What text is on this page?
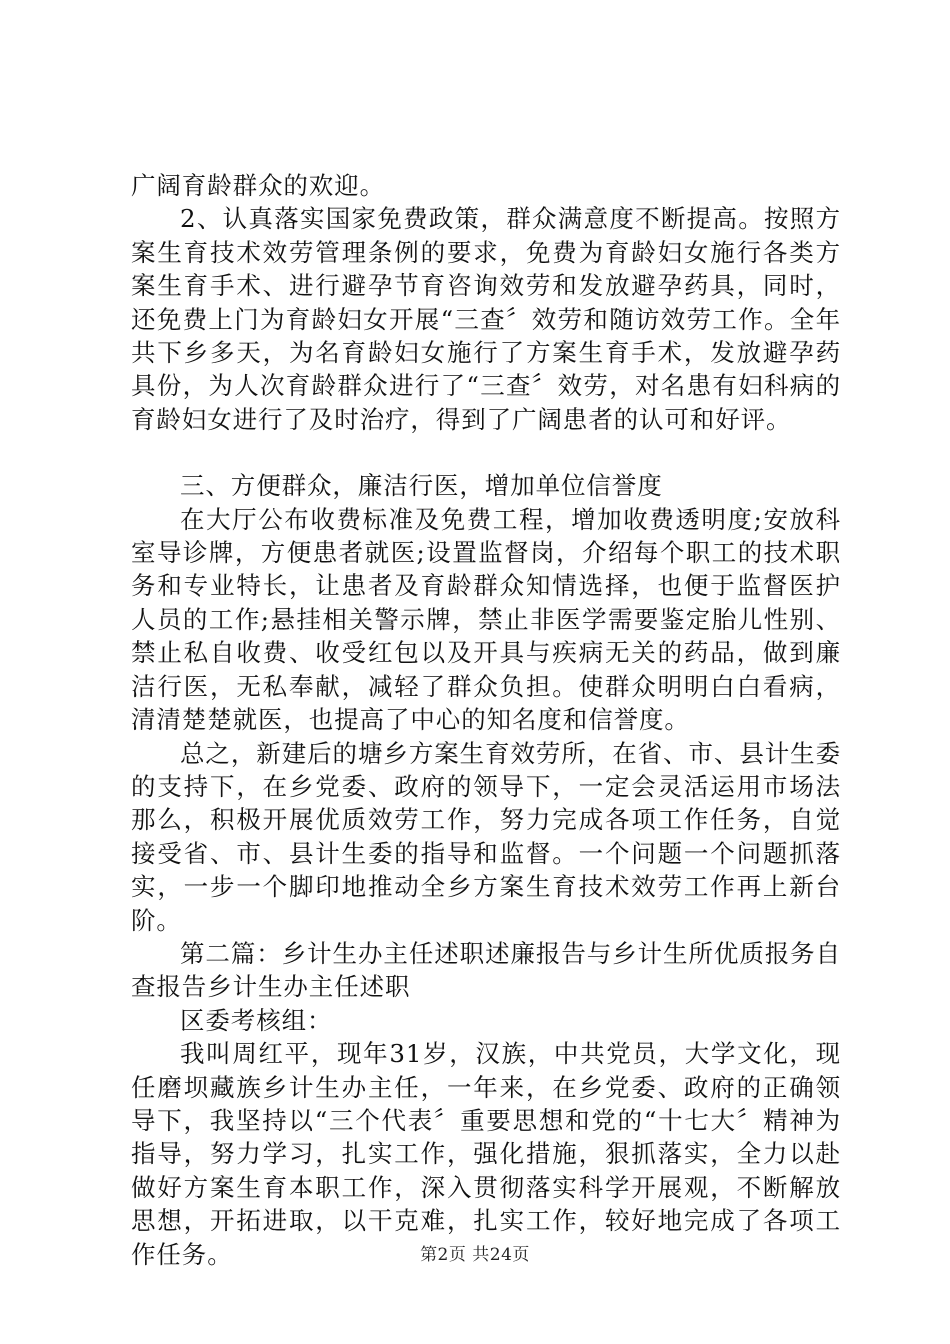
广阔育龄群众的欢迎。

2、认真落实国家免费政策，群众满意度不断提高。按照方案生育技术效劳管理条例的要求，免费为育龄妇女施行各类方案生育手术、进行避孕节育咨询效劳和发放避孕药具，同时，还免费上门为育龄妇女开展“三查〞效劳和随访效劳工作。全年共下乡多天，为名育龄妇女施行了方案生育手术，发放避孕药具份，为人次育龄群众进行了“三查〞效劳，对名患有妇科病的育龄妇女进行了及时治疗，得到了广阔患者的认可和好评。

三、方便群众，廉洁行医，增加单位信誉度

在大厅公布收费标准及免费工程，增加收费透明度;安放科室导诊牌，方便患者就医;设置监督岗，介绍每个职工的技术职务和专业特长，让患者及育龄群众知情选择，也便于监督医护人员的工作;悬挂相关警示牌，禁止非医学需要鉴定胎儿性别、禁止私自收费、收受红包以及开具与疾病无关的药品，做到廉洁行医，无私奉献，减轻了群众负担。使群众明明白白看病，清清楚楚就医，也提高了中心的知名度和信誉度。

总之，新建后的塘乡方案生育效劳所，在省、市、县计生委的支持下，在乡党委、政府的领导下，一定会灵活运用市场法那么，积极开展优质效劳工作，努力完成各项工作任务，自觉接受省、市、县计生委的指导和监督。一个问题一个问题抓落实，一步一个脚印地推动全乡方案生育技术效劳工作再上新台阶。

第二篇：乡计生办主任述职述廉报告与乡计生所优质报务自查报告乡计生办主任述职

区委考核组：

我叫周红平，现年31岁，汉族，中共党员，大学文化，现任磨坝藏族乡计生办主任，一年来，在乡党委、政府的正确领导下，我坚持以“三个代表〞重要思想和党的“十七大〞精神为指导，努力学习，扎实工作，强化措施，狠抓落实，全力以赴做好方案生育本职工作，深入贯彻落实科学开展观，不断解放思想，开拓进取，以干克难，扎实工作，较好地完成了各项工作任务。	第2页 共24页
